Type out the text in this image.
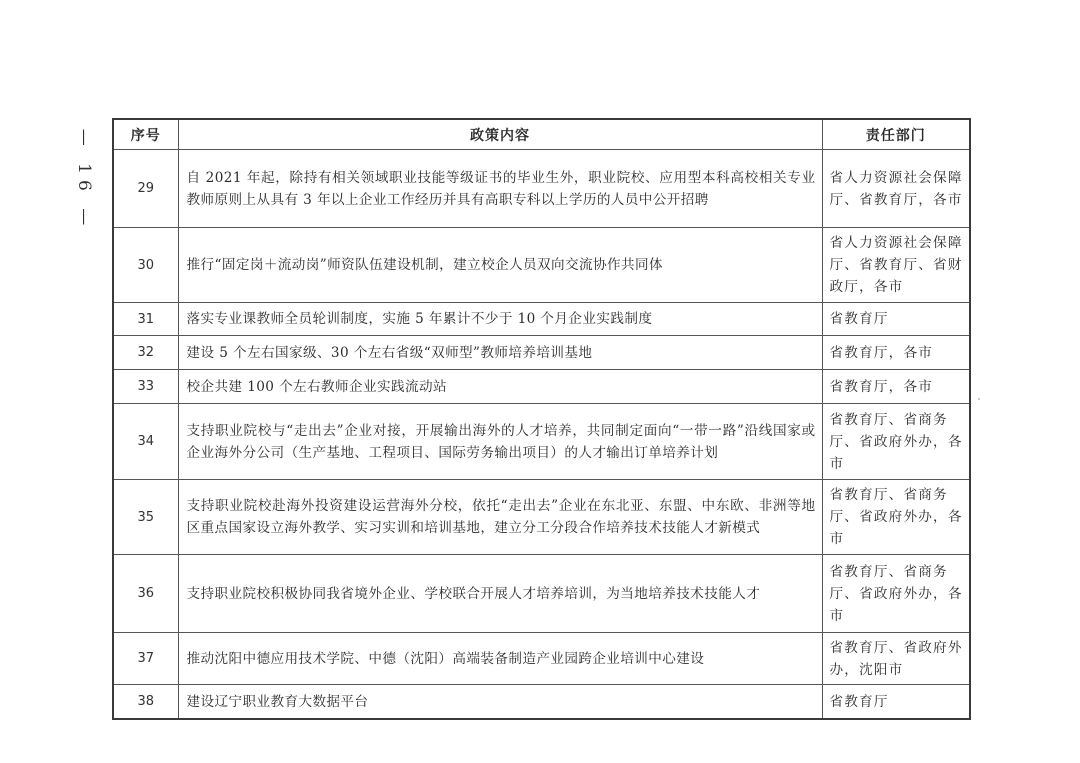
— 16 —	序号	政策内容	责任部门
29	自 2021 年起，除持有相关领域职业技能等级证书的毕业生外，职业院校、应用型本科高校相关专业教师原则上从具有 3 年以上企业工作经历并具有高职专科以上学历的人员中公开招聘	省人力资源社会保障厅、省教育厅，各市
30	推行“固定岗＋流动岗”师资队伍建设机制，建立校企人员双向交流协作共同体	省人力资源社会保障厅、省教育厅、省财政厅，各市
31	落实专业课教师全员轮训制度，实施 5 年累计不少于 10 个月企业实践制度	省教育厅
32	建设 5 个左右国家级、30 个左右省级“双师型”教师培养培训基地	省教育厅，各市
33	校企共建 100 个左右教师企业实践流动站	省教育厅，各市
34	支持职业院校与“走出去”企业对接，开展输出海外的人才培养，共同制定面向“一带一路”沿线国家或企业海外分公司（生产基地、工程项目、国际劳务输出项目）的人才输出订单培养计划	省教育厅、省商务厅、省政府外办，各市
35	支持职业院校赴海外投资建设运营海外分校，依托“走出去”企业在东北亚、东盟、中东欧、非洲等地区重点国家设立海外教学、实习实训和培训基地，建立分工分段合作培养技术技能人才新模式	省教育厅、省商务厅、省政府外办，各市
36	支持职业院校积极协同我省境外企业、学校联合开展人才培养培训，为当地培养技术技能人才	省教育厅、省商务厅、省政府外办，各市
37	推动沈阳中德应用技术学院、中德（沈阳）高端装备制造产业园跨企业培训中心建设	省教育厅、省政府外办，沈阳市
38	建设辽宁职业教育大数据平台	省教育厅
